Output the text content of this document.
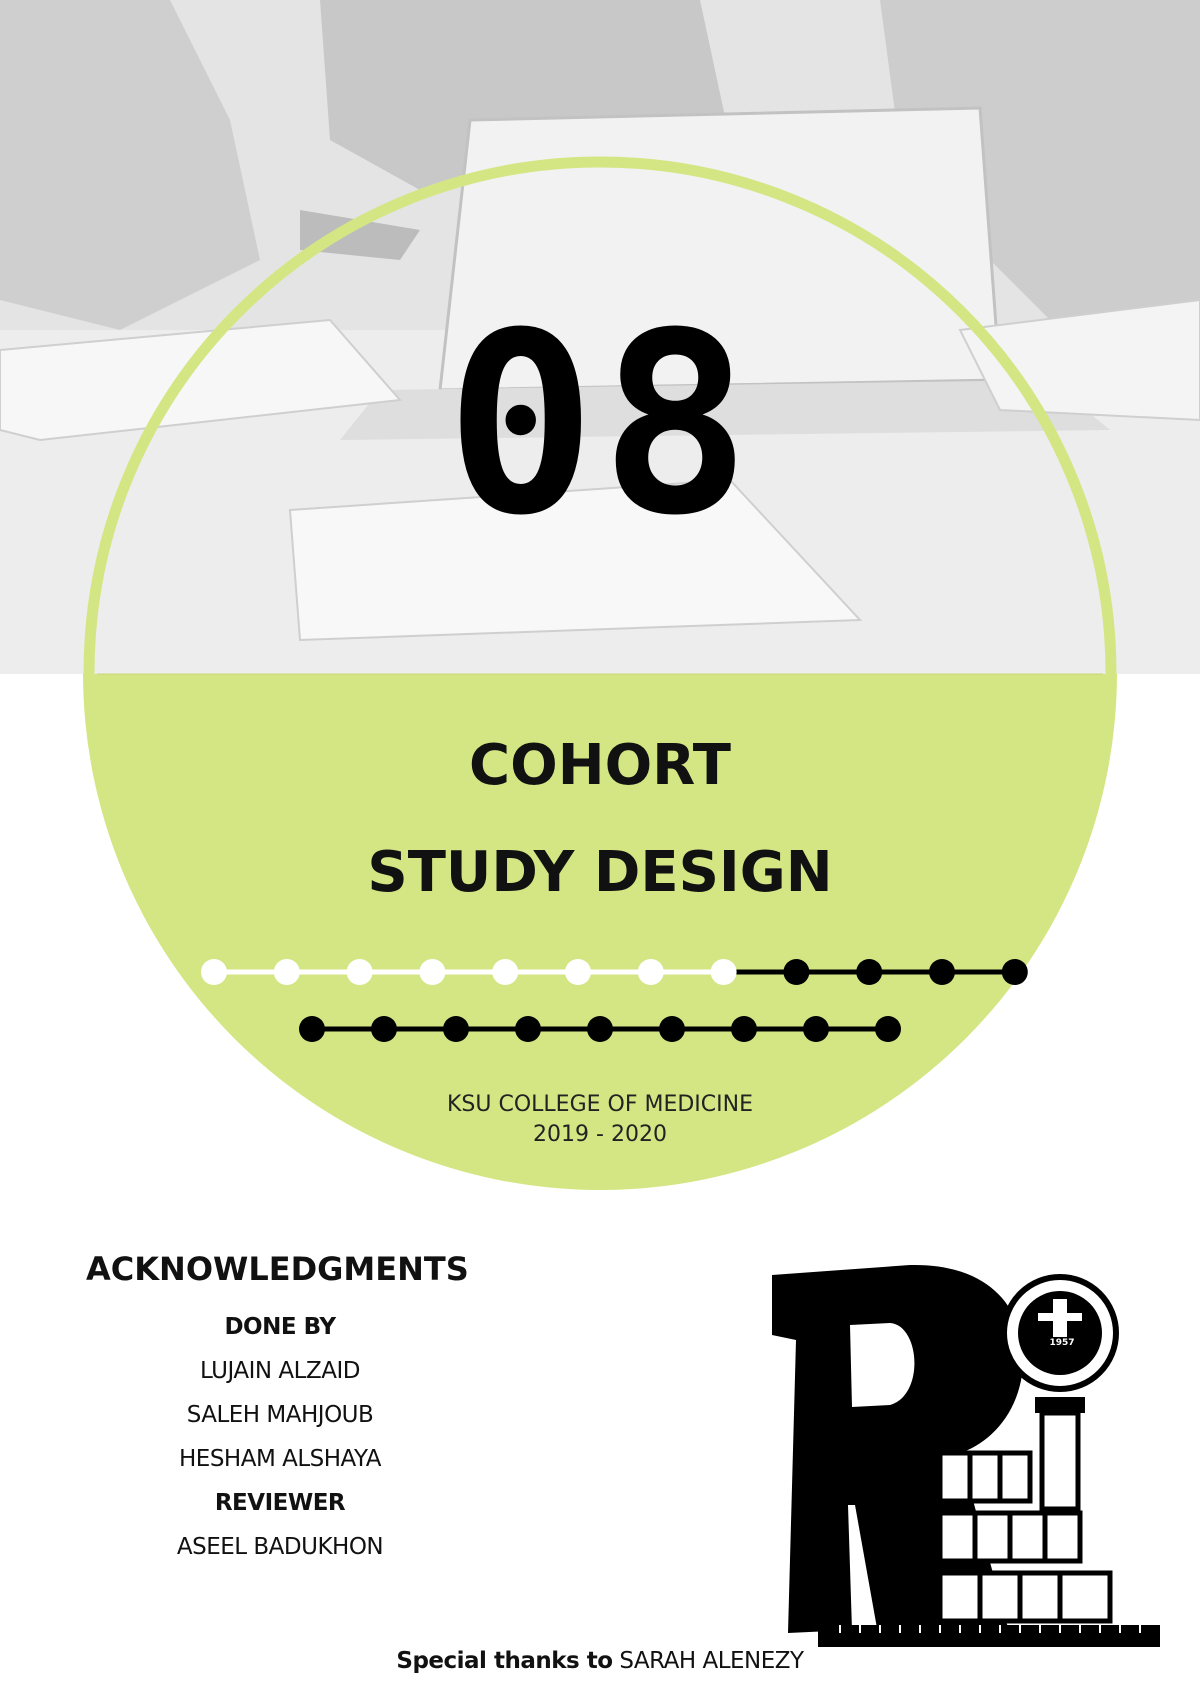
08
COHORT
STUDY DESIGN
KSU COLLEGE OF MEDICINE
2019 - 2020
ACKNOWLEDGMENTS
DONE BY
LUJAIN ALZAID
SALEH MAHJOUB
HESHAM ALSHAYA
REVIEWER
ASEEL BADUKHON
1957
Special thanks to SARAH ALENEZY
